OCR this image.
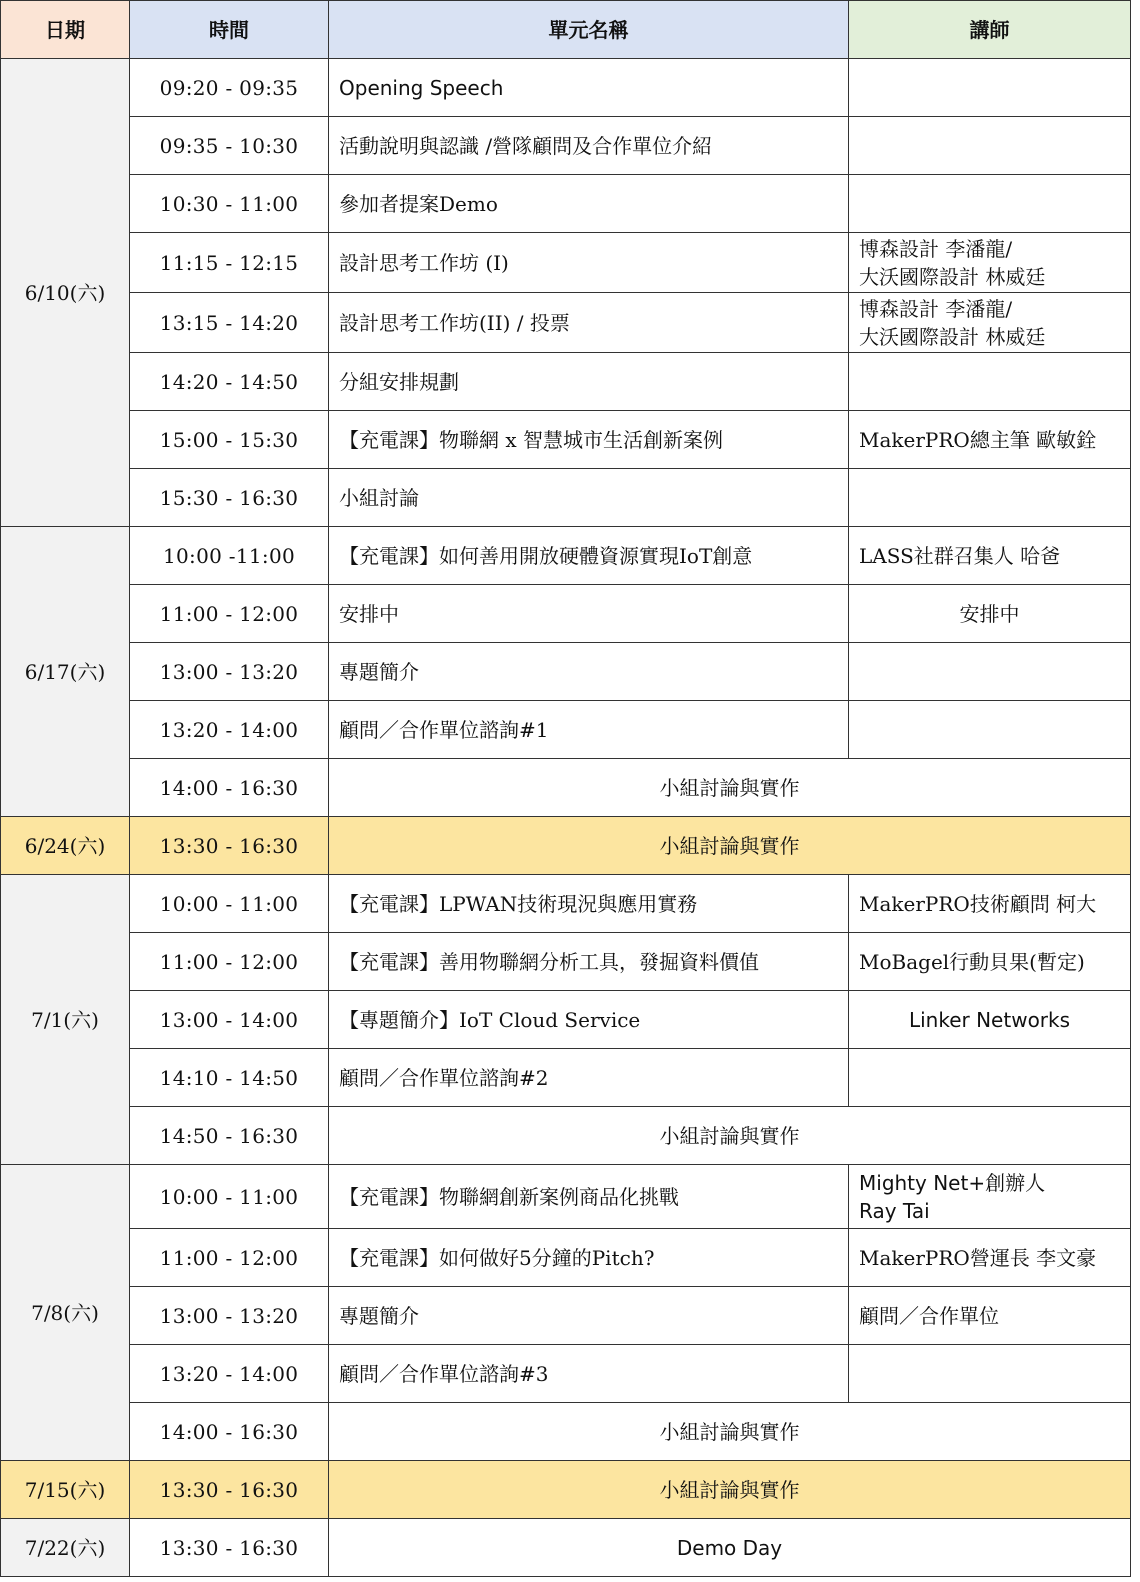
日期	時間	單元名稱	講師
6/10(六)	09:20 - 09:35	Opening Speech	
	09:35 - 10:30	活動說明與認識 /營隊顧問及合作單位介紹	
	10:30 - 11:00	參加者提案Demo	
	11:15 - 12:15	設計思考工作坊 (I)	博森設計 李潘龍/
大沃國際設計 林威廷

	13:15 - 14:20	設計思考工作坊(II) / 投票	博森設計 李潘龍/
大沃國際設計 林威廷

	14:20 - 14:50	分組安排規劃	
	15:00 - 15:30	【充電課】物聯網 x 智慧城市生活創新案例	MakerPRO總主筆 歐敏銓
	15:30 - 16:30	小組討論	
6/17(六)	10:00 -11:00	【充電課】如何善用開放硬體資源實現IoT創意	LASS社群召集人 哈爸
	11:00 - 12:00	安排中	安排中
	13:00 - 13:20	專題簡介	
	13:20 - 14:00	顧問／合作單位諮詢#1	
	14:00 - 16:30	小組討論與實作	
6/24(六)	13:30 - 16:30	小組討論與實作	
7/1(六)	10:00 - 11:00	【充電課】LPWAN技術現況與應用實務	MakerPRO技術顧問 柯大
	11:00 - 12:00	【充電課】善用物聯網分析工具，發掘資料價值	MoBagel行動貝果(暫定)
	13:00 - 14:00	【專題簡介】IoT Cloud Service	Linker Networks
	14:10 - 14:50	顧問／合作單位諮詢#2	
	14:50 - 16:30	小組討論與實作	
7/8(六)	10:00 - 11:00	【充電課】物聯網創新案例商品化挑戰	Mighty Net+創辦人
Ray Tai

	11:00 - 12:00	【充電課】如何做好5分鐘的Pitch?	MakerPRO營運長 李文豪
	13:00 - 13:20	專題簡介	顧問／合作單位
	13:20 - 14:00	顧問／合作單位諮詢#3	
	14:00 - 16:30	小組討論與實作	
7/15(六)	13:30 - 16:30	小組討論與實作	
7/22(六)	13:30 - 16:30	Demo Day	
